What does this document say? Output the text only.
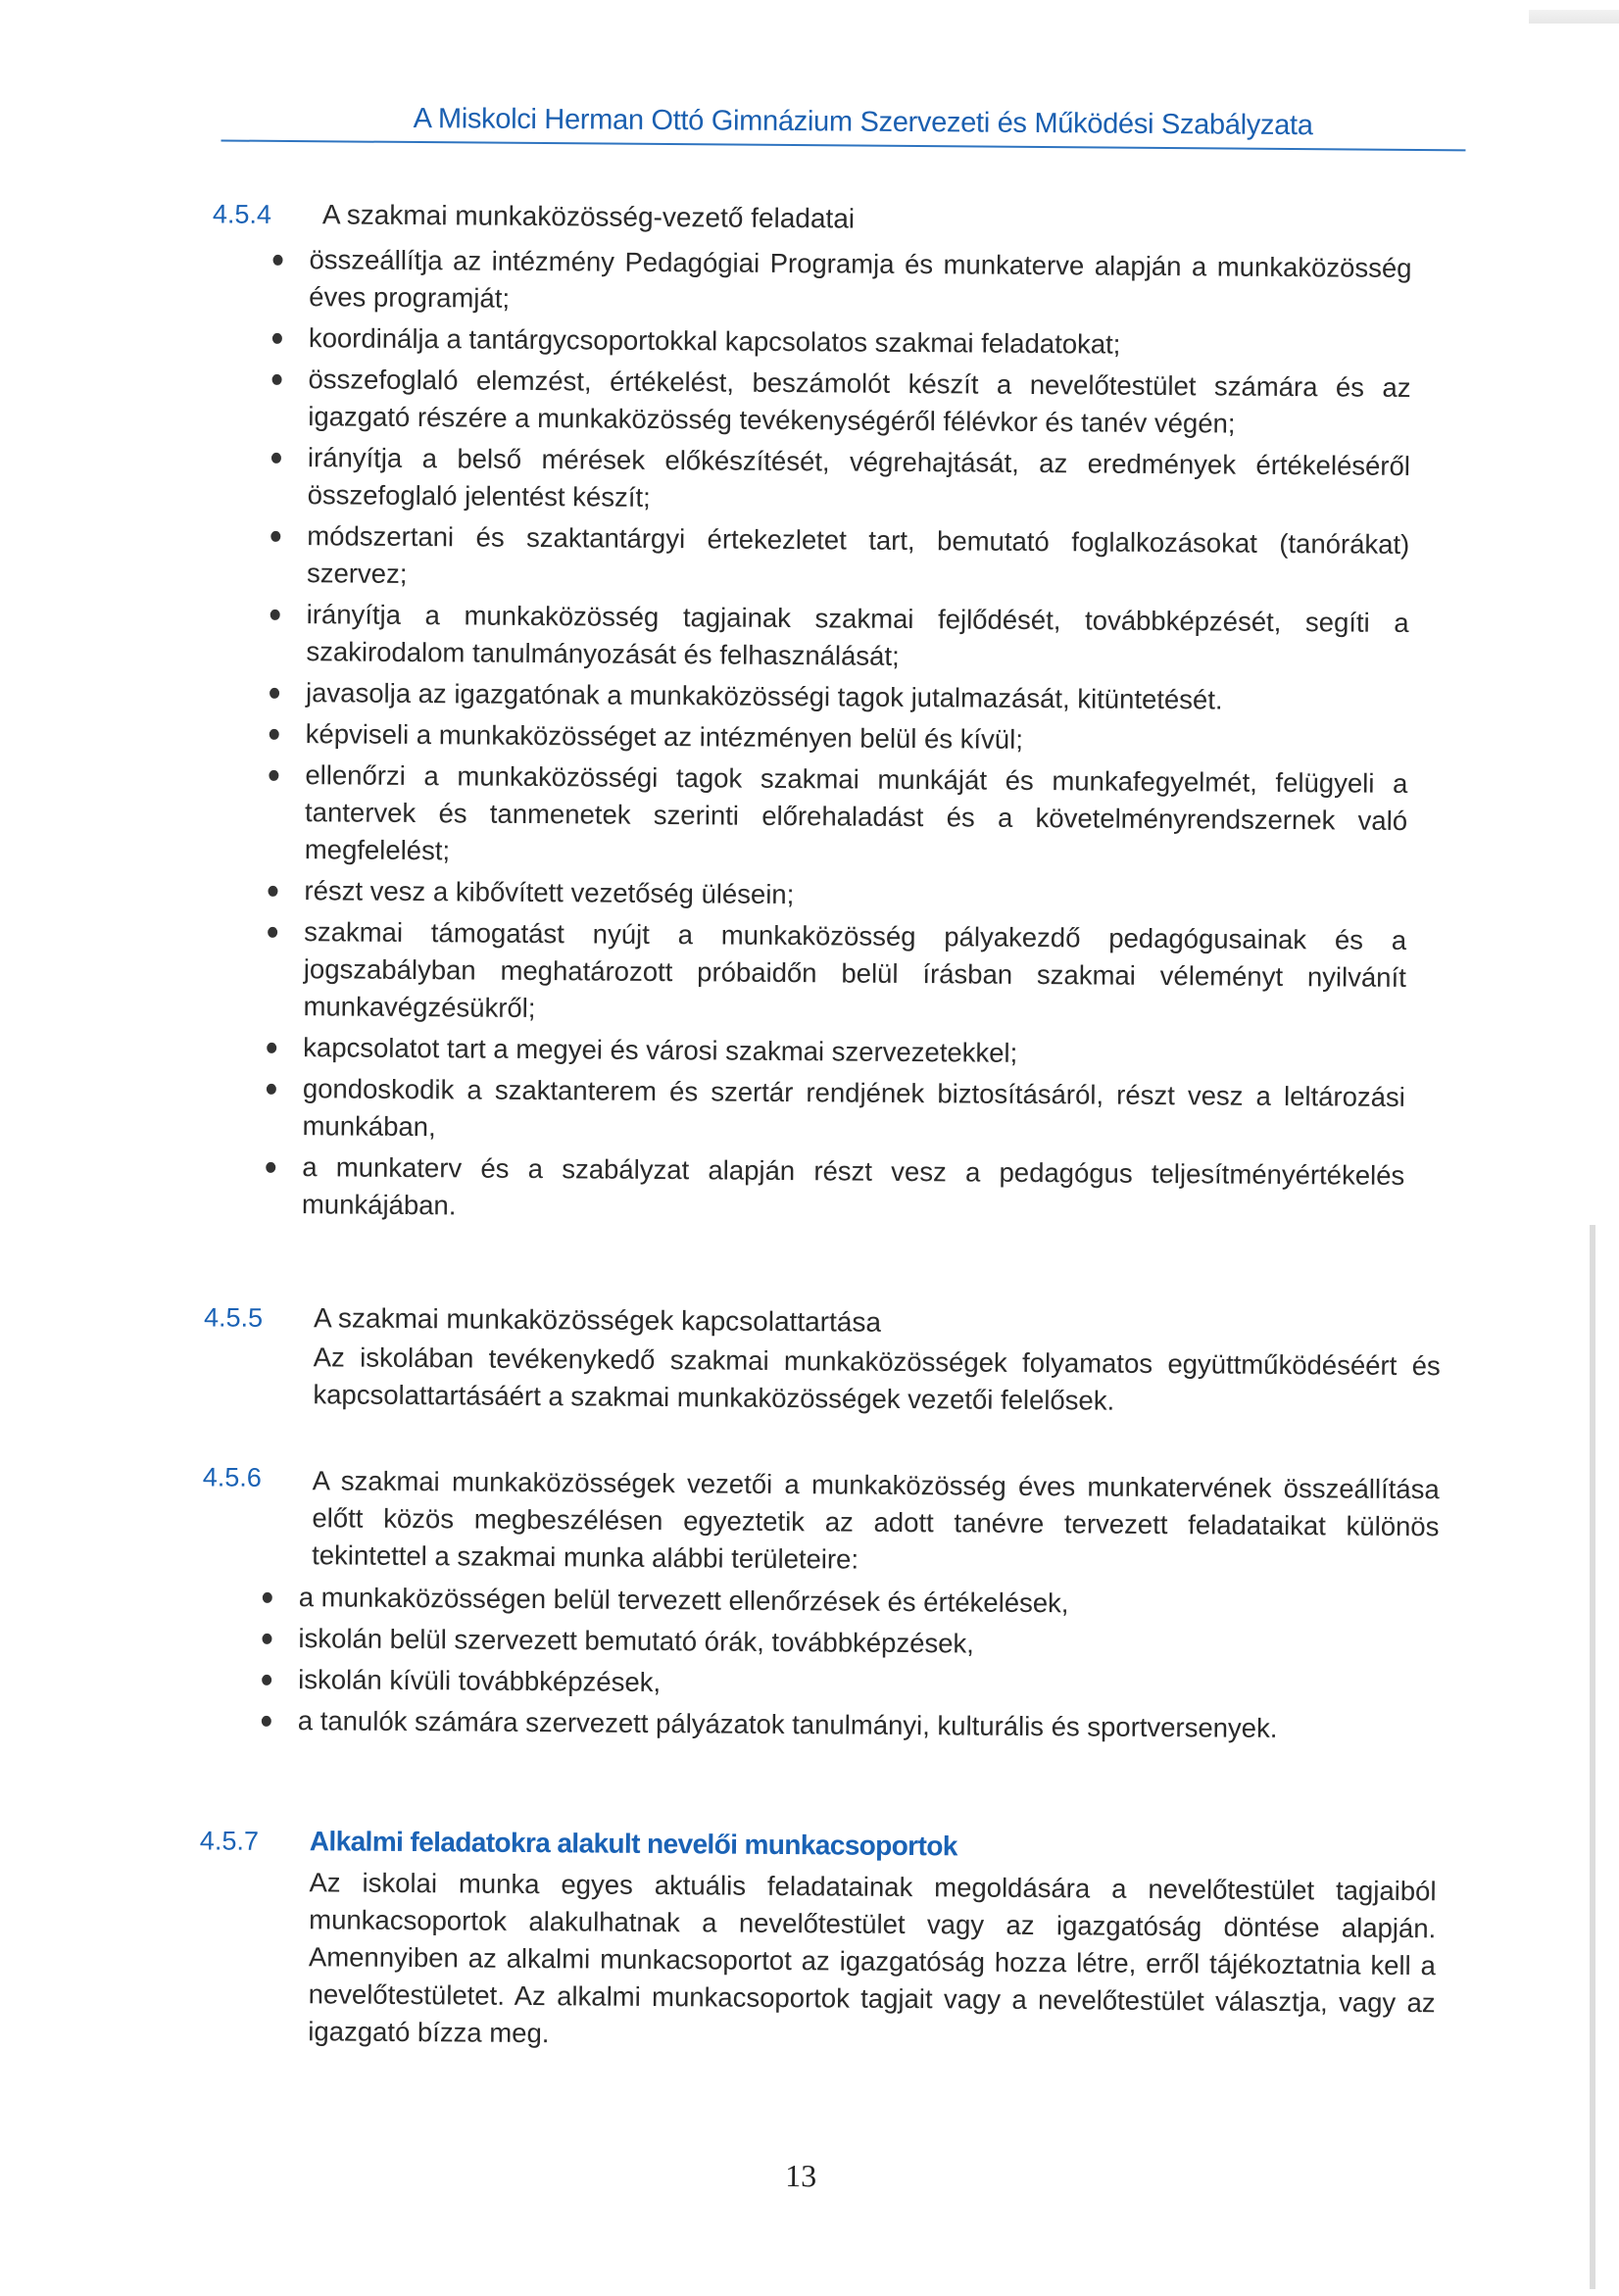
A Miskolci Herman Ottó Gimnázium Szervezeti és Működési Szabályzata
4.5.4 A szakmai munkaközösség-vezető feladatai
összeállítja az intézmény Pedagógiai Programja és munkaterve alapján a munkaközösség éves programját;
koordinálja a tantárgycsoportokkal kapcsolatos szakmai feladatokat;
összefoglaló elemzést, értékelést, beszámolót készít a nevelőtestület számára és az igazgató részére a munkaközösség tevékenységéről félévkor és tanév végén;
irányítja a belső mérések előkészítését, végrehajtását, az eredmények értékeléséről összefoglaló jelentést készít;
módszertani és szaktantárgyi értekezletet tart, bemutató foglalkozásokat (tanórákat) szervez;
irányítja a munkaközösség tagjainak szakmai fejlődését, továbbképzését, segíti a szakirodalom tanulmányozását és felhasználását;
javasolja az igazgatónak a munkaközösségi tagok jutalmazását, kitüntetését.
képviseli a munkaközösséget az intézményen belül és kívül;
ellenőrzi a munkaközösségi tagok szakmai munkáját és munkafegyelmét, felügyeli a tantervek és tanmenetek szerinti előrehaladást és a követelményrendszernek való megfelelést;
részt vesz a kibővített vezetőség ülésein;
szakmai támogatást nyújt a munkaközösség pályakezdő pedagógusainak és a jogszabályban meghatározott próbaidőn belül írásban szakmai véleményt nyilvánít munkavégzésükről;
kapcsolatot tart a megyei és városi szakmai szervezetekkel;
gondoskodik a szaktanterem és szertár rendjének biztosításáról, részt vesz a leltározási munkában,
a munkaterv és a szabályzat alapján részt vesz a pedagógus teljesítményértékelés munkájában.
4.5.5 A szakmai munkaközösségek kapcsolattartása
Az iskolában tevékenykedő szakmai munkaközösségek folyamatos együttműködéséért és kapcsolattartásáért a szakmai munkaközösségek vezetői felelősek.
4.5.6 A szakmai munkaközösségek vezetői a munkaközösség éves munkatervének összeállítása előtt közös megbeszélésen egyeztetik az adott tanévre tervezett feladataikat különös tekintettel a szakmai munka alábbi területeire:
a munkaközösségen belül tervezett ellenőrzések és értékelések,
iskolán belül szervezett bemutató órák, továbbképzések,
iskolán kívüli továbbképzések,
a tanulók számára szervezett pályázatok tanulmányi, kulturális és sportversenyek.
4.5.7 Alkalmi feladatokra alakult nevelői munkacsoportok
Az iskolai munka egyes aktuális feladatainak megoldására a nevelőtestület tagjaiból munkacsoportok alakulhatnak a nevelőtestület vagy az igazgatóság döntése alapján. Amennyiben az alkalmi munkacsoportot az igazgatóság hozza létre, erről tájékoztatnia kell a nevelőtestületet. Az alkalmi munkacsoportok tagjait vagy a nevelőtestület választja, vagy az igazgató bízza meg.
13
